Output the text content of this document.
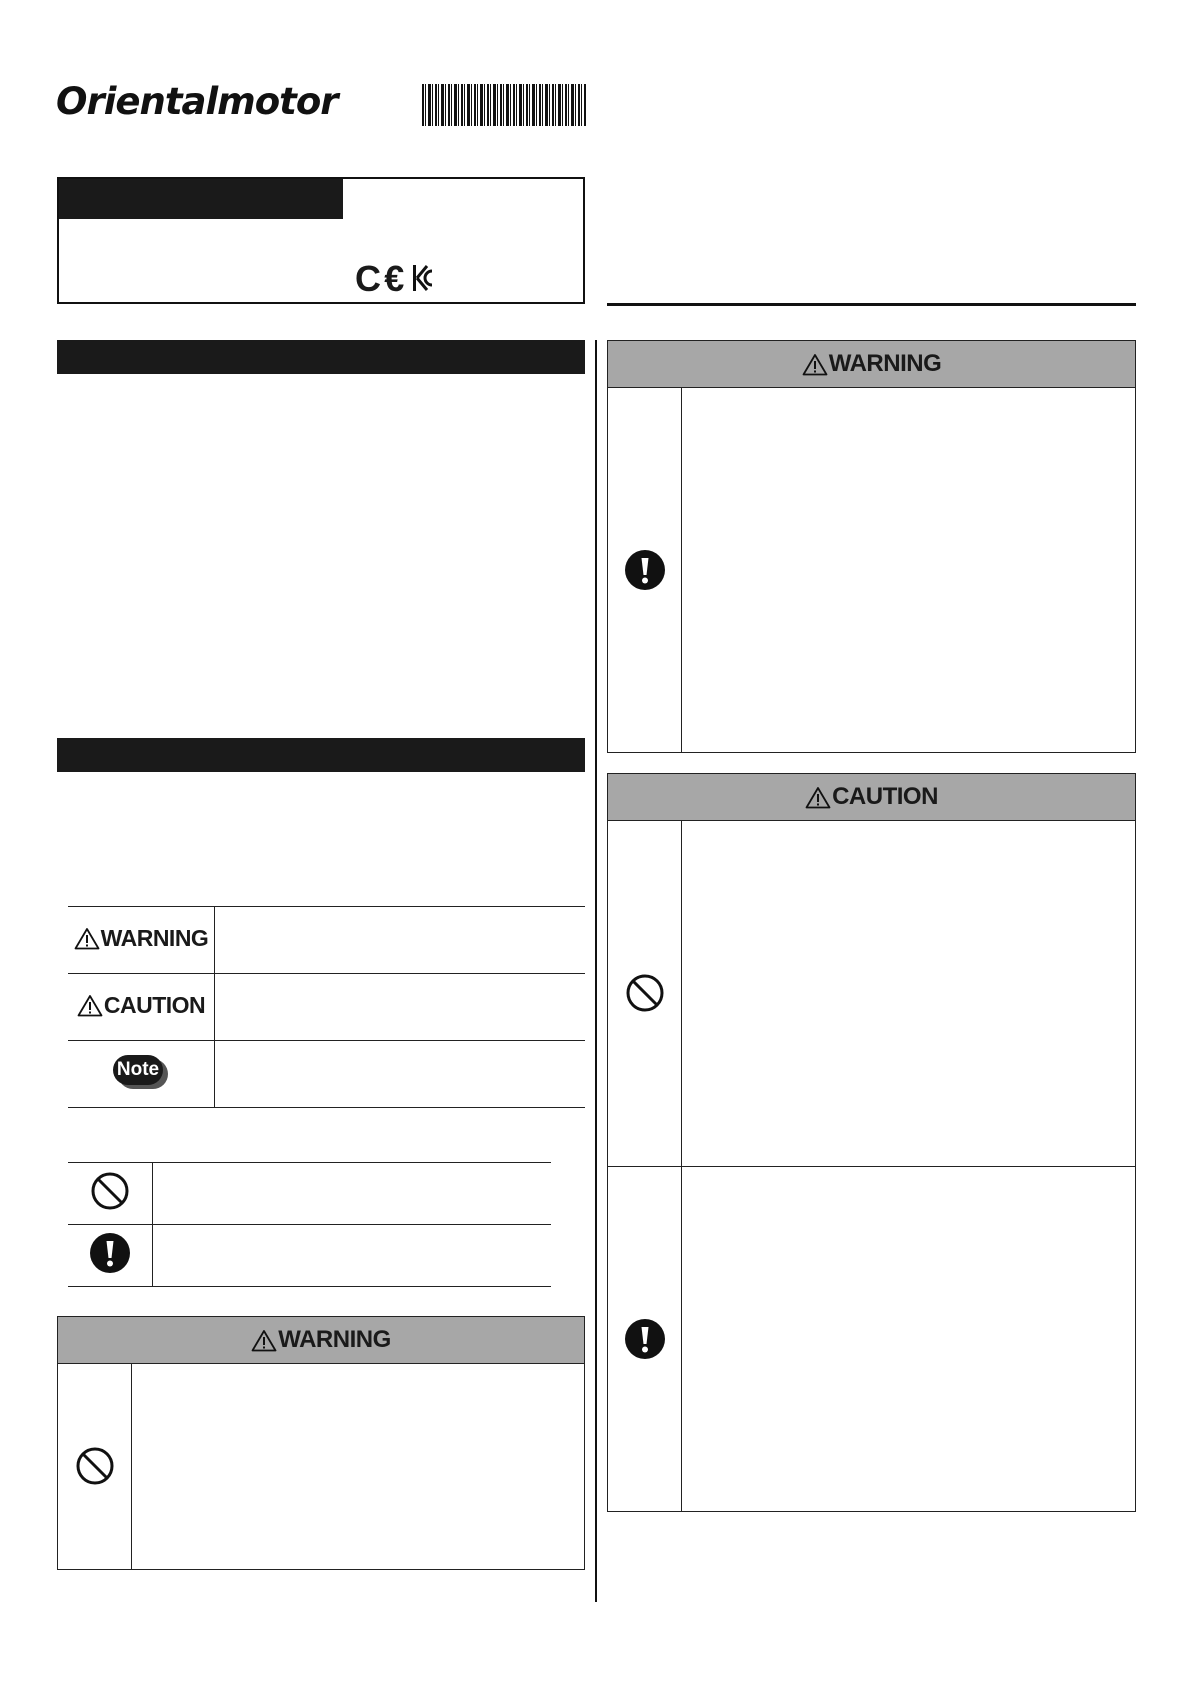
Orientalmotor
C €
WARNING	

CAUTION	

Note	

WARNING
WARNING
CAUTION
